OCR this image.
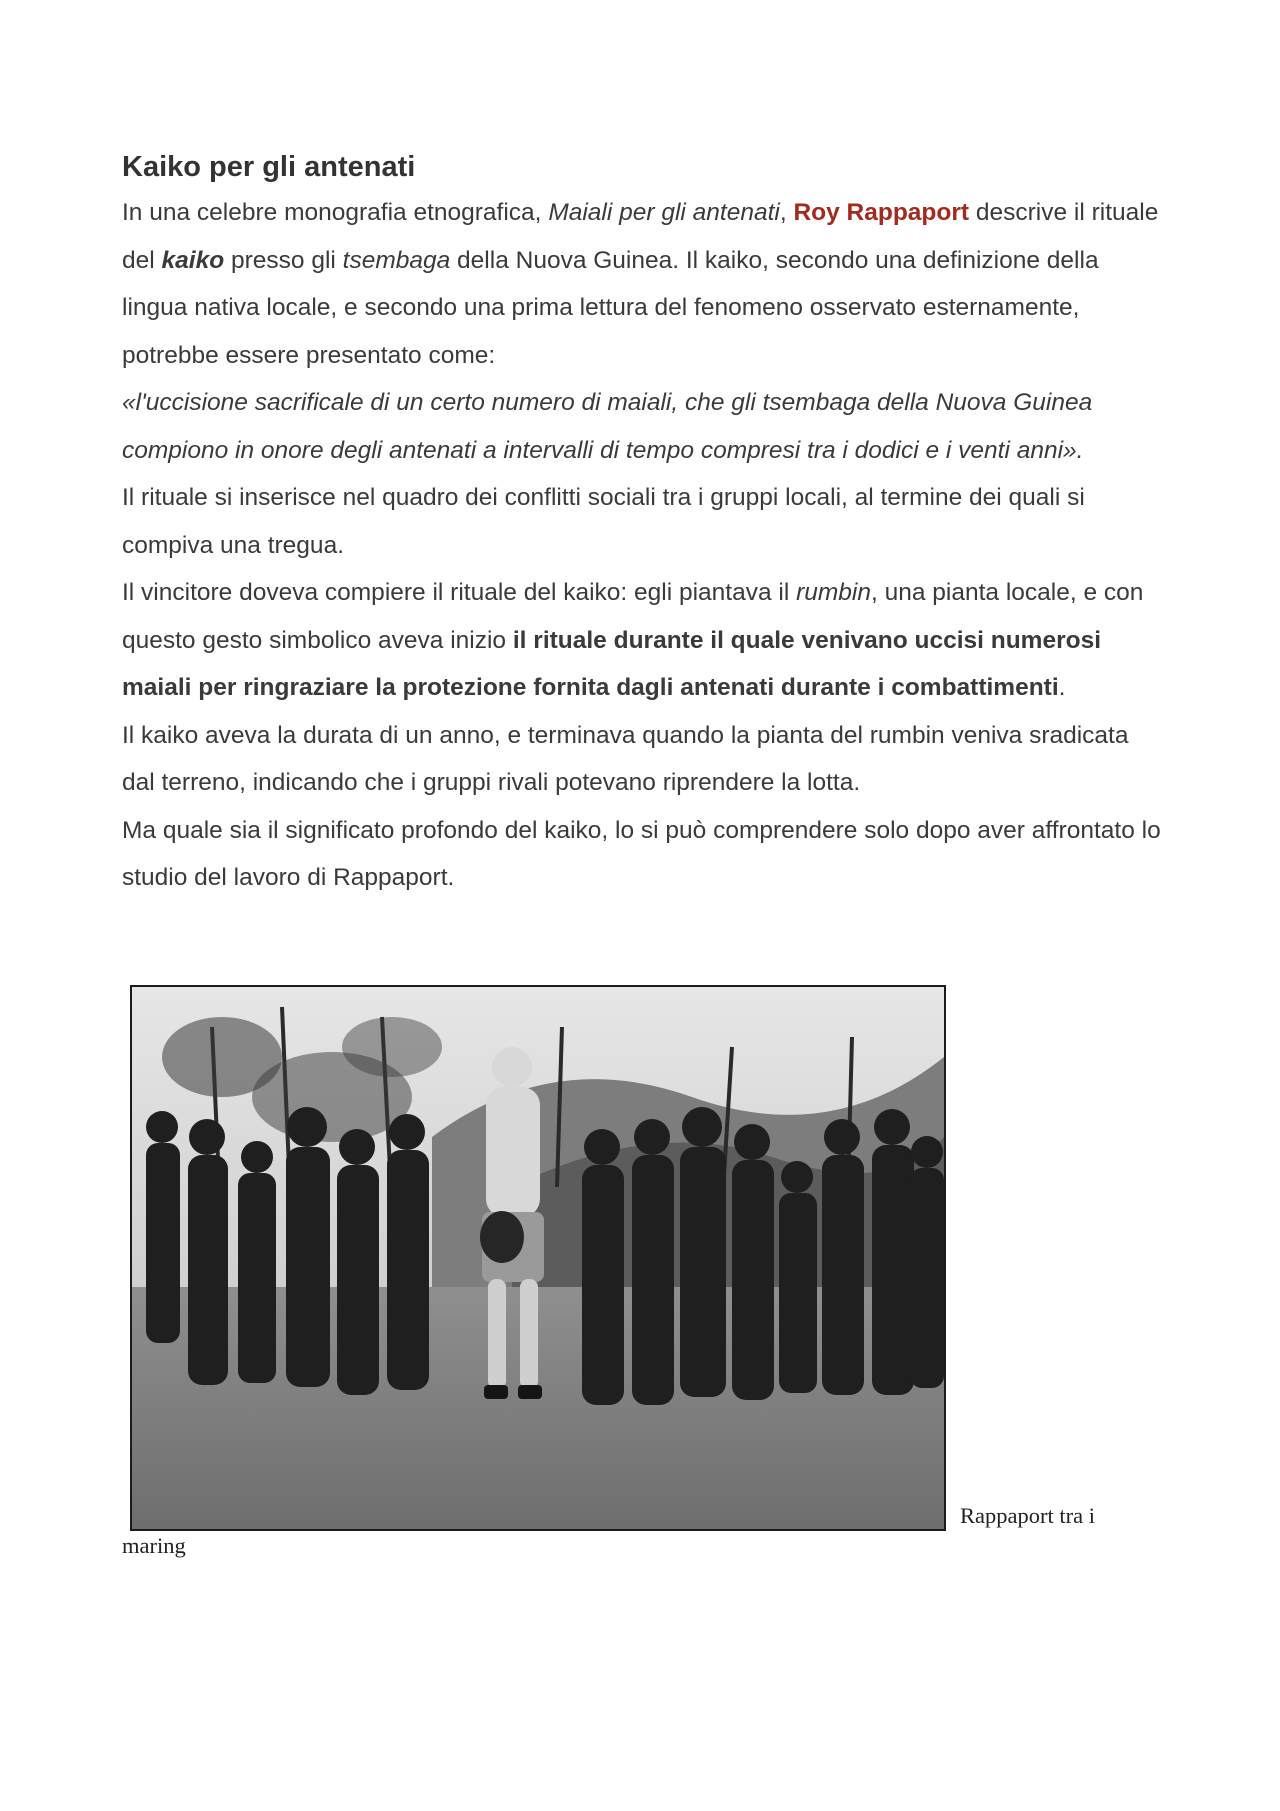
Kaiko per gli antenati

In una celebre monografia etnografica, Maiali per gli antenati, Roy Rappaport descrive il rituale del kaiko presso gli tsembaga della Nuova Guinea. Il kaiko, secondo una definizione della lingua nativa locale, e secondo una prima lettura del fenomeno osservato esternamente, potrebbe essere presentato come:

«l'uccisione sacrificale di un certo numero di maiali, che gli tsembaga della Nuova Guinea compiono in onore degli antenati a intervalli di tempo compresi tra i dodici e i venti anni».

Il rituale si inserisce nel quadro dei conflitti sociali tra i gruppi locali, al termine dei quali si compiva una tregua.

Il vincitore doveva compiere il rituale del kaiko: egli piantava il rumbin, una pianta locale, e con questo gesto simbolico aveva inizio il rituale durante il quale venivano uccisi numerosi maiali per ringraziare la protezione fornita dagli antenati durante i combattimenti.

Il kaiko aveva la durata di un anno, e terminava quando la pianta del rumbin veniva sradicata dal terreno, indicando che i gruppi rivali potevano riprendere la lotta.

Ma quale sia il significato profondo del kaiko, lo si può comprendere solo dopo aver affrontato lo studio del lavoro di Rappaport.

Rappaport tra i maring
